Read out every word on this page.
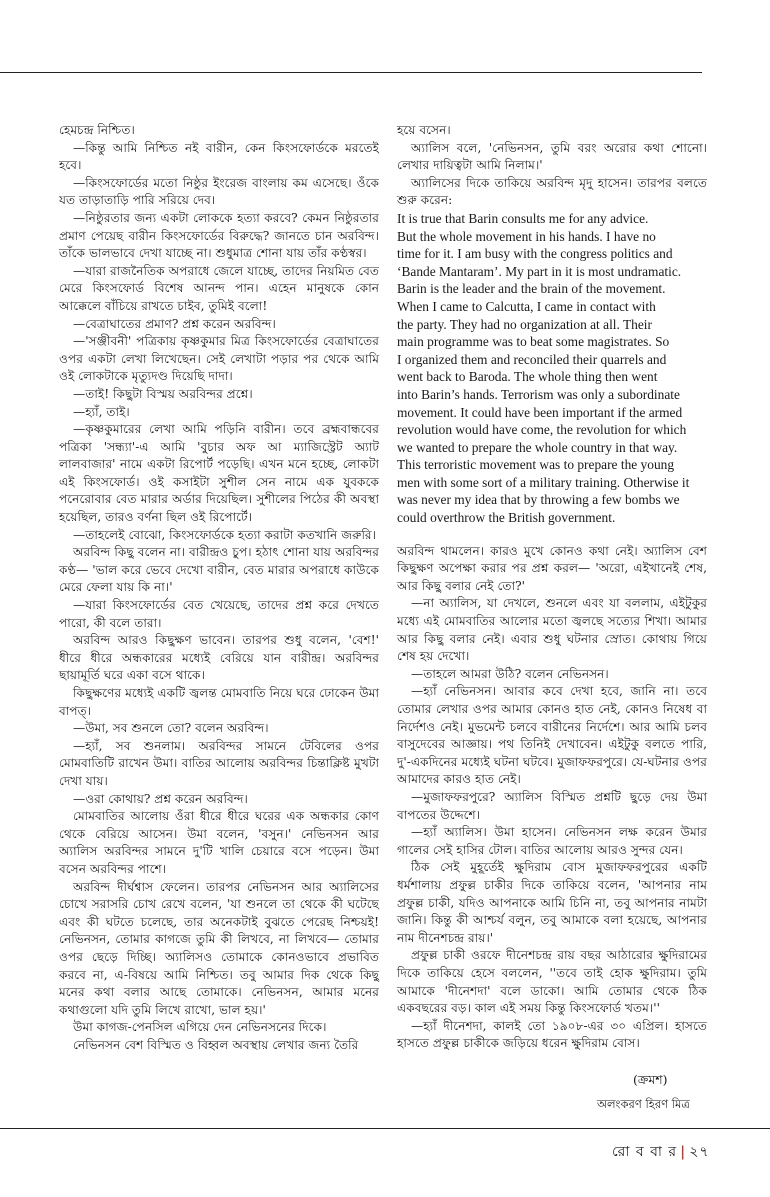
হেমচন্দ্র নিশ্চিত।

—কিন্তু আমি নিশ্চিত নই বারীন, কেন কিংসফোর্ডকে মরতেই হবে।

—কিংসফোর্ডের মতো নিষ্ঠুর ইংরেজ বাংলায় কম এসেছে। ওঁকে যত তাড়াতাড়ি পারি সরিয়ে দেব।

—নিষ্ঠুরতার জন্য একটা লোককে হত্যা করবে? কেমন নিষ্ঠুরতার প্রমাণ পেয়েছ বারীন কিংসফোর্ডের বিরুদ্ধে? জানতে চান অরবিন্দ। তাঁকে ভালভাবে দেখা যাচ্ছে না। শুধুমাত্র শোনা যায় তাঁর কণ্ঠস্বর।

—যারা রাজনৈতিক অপরাধে জেলে যাচ্ছে, তাদের নিয়মিত বেত মেরে কিংসফোর্ড বিশেষ আনন্দ পান। এহেন মানুষকে কোন আক্কেলে বাঁচিয়ে রাখতে চাইব, তুমিই বলো!

—বেত্রাঘাতের প্রমাণ? প্রশ্ন করেন অরবিন্দ।

—'সঞ্জীবনী' পত্রিকায় কৃষ্ণকুমার মিত্র কিংসফোর্ডের বেত্রাঘাতের ওপর একটা লেখা লিখেছেন। সেই লেখাটা পড়ার পর থেকে আমি ওই লোকটাকে মৃত্যুদণ্ড দিয়েছি দাদা।

—তাই! কিছুটা বিস্ময় অরবিন্দর প্রশ্নে।

—হ্যাঁ, তাই।

—কৃষ্ণকুমারের লেখা আমি পড়িনি বারীন। তবে ব্রহ্মবান্ধবের পত্রিকা 'সন্ধ্যা'-এ আমি 'বুচার অফ আ ম্যাজিস্ট্রেট অ্যাট লালবাজার' নামে একটা রিপোর্ট পড়েছি। এখন মনে হচ্ছে, লোকটা এই কিংসফোর্ড। ওই কসাইটা সুশীল সেন নামে এক যুবককে পনেরোবার বেত মারার অর্ডার দিয়েছিল। সুশীলের পিঠের কী অবস্থা হয়েছিল, তারও বর্ণনা ছিল ওই রিপোর্টে।

—তাহলেই বোঝো, কিংসফোর্ডকে হত্যা করাটা কতখানি জরুরি।

অরবিন্দ কিছু বলেন না। বারীন্দ্রও চুপ। হঠাৎ শোনা যায় অরবিন্দর কণ্ঠ— 'ভাল করে ভেবে দেখো বারীন, বেত মারার অপরাধে কাউকে মেরে ফেলা যায় কি না।'

—যারা কিংসফোর্ডের বেত খেয়েছে, তাদের প্রশ্ন করে দেখতে পারো, কী বলে তারা।

অরবিন্দ আরও কিছুক্ষণ ভাবেন। তারপর শুধু বলেন, 'বেশ!' ধীরে ধীরে অন্ধকারের মধ্যেই বেরিয়ে যান বারীন্দ্র। অরবিন্দর ছায়ামূর্তি ঘরে একা বসে থাকে।

কিছুক্ষণের মধ্যেই একটি জ্বলন্ত মোমবাতি নিয়ে ঘরে ঢোকেন উমা বাপত্।

—উমা, সব শুনলে তো? বলেন অরবিন্দ।

—হ্যাঁ, সব শুনলাম। অরবিন্দর সামনে টেবিলের ওপর মোমবাতিটি রাখেন উমা। বাতির আলোয় অরবিন্দর চিন্তাক্লিষ্ট মুখটা দেখা যায়।

—ওরা কোথায়? প্রশ্ন করেন অরবিন্দ।

মোমবাতির আলোয় ওঁরা ধীরে ধীরে ঘরের এক অন্ধকার কোণ থেকে বেরিয়ে আসেন। উমা বলেন, 'বসুন।' নেভিনসন আর অ্যালিস অরবিন্দর সামনে দু'টি খালি চেয়ারে বসে পড়েন। উমা বসেন অরবিন্দর পাশে।

অরবিন্দ দীর্ঘশ্বাস ফেলেন। তারপর নেভিনসন আর অ্যালিসের চোখে সরাসরি চোখ রেখে বলেন, 'যা শুনলে তা থেকে কী ঘটেছে এবং কী ঘটতে চলেছে, তার অনেকটাই বুঝতে পেরেছ নিশ্চয়ই! নেভিনসন, তোমার কাগজে তুমি কী লিখবে, না লিখবে— তোমার ওপর ছেড়ে দিচ্ছি। অ্যালিসও তোমাকে কোনওভাবে প্রভাবিত করবে না, এ-বিষয়ে আমি নিশ্চিত। তবু আমার দিক থেকে কিছু মনের কথা বলার আছে তোমাকে। নেভিনসন, আমার মনের কথাগুলো যদি তুমি লিখে রাখো, ভাল হয়।'

উমা কাগজ-পেনসিল এগিয়ে দেন নেভিনসনের দিকে।

নেভিনসন বেশ বিস্মিত ও বিহ্বল অবস্থায় লেখার জন্য তৈরি

হয়ে বসেন।

অ্যালিস বলে, 'নেভিনসন, তুমি বরং অরোর কথা শোনো। লেখার দায়িত্বটা আমি নিলাম।'

অ্যালিসের দিকে তাকিয়ে অরবিন্দ মৃদু হাসেন। তারপর বলতে শুরু করেন:

It is true that Barin consults me for any advice.
But the whole movement in his hands. I have no
time for it. I am busy with the congress politics and
‘Bande Mantaram’. My part in it is most undramatic.
Barin is the leader and the brain of the movement.
When I came to Calcutta, I came in contact with
the party. They had no organization at all. Their
main programme was to beat some magistrates. So
I organized them and reconciled their quarrels and
went back to Baroda. The whole thing then went
into Barin’s hands. Terrorism was only a subordinate
movement. It could have been important if the armed
revolution would have come, the revolution for which
we wanted to prepare the whole country in that way.
This terroristic movement was to prepare the young
men with some sort of a military training. Otherwise it
was never my idea that by throwing a few bombs we
could overthrow the British government.

অরবিন্দ থামলেন। কারও মুখে কোনও কথা নেই। অ্যালিস বেশ কিছুক্ষণ অপেক্ষা করার পর প্রশ্ন করল— 'অরো, এইখানেই শেষ, আর কিছু বলার নেই তো?'

—না অ্যালিস, যা দেখলে, শুনলে এবং যা বললাম, এইটুকুর মধ্যে এই মোমবাতির আলোর মতো জ্বলছে সত্যের শিখা। আমার আর কিছু বলার নেই। এবার শুধু ঘটনার স্রোত। কোথায় গিয়ে শেষ হয় দেখো।

—তাহলে আমরা উঠি? বলেন নেভিনসন।

—হ্যাঁ নেভিনসন। আবার কবে দেখা হবে, জানি না। তবে তোমার লেখার ওপর আমার কোনও হাত নেই, কোনও নিষেধ বা নির্দেশও নেই। মুভমেন্ট চলবে বারীনের নির্দেশে। আর আমি চলব বাসুদেবের আজ্ঞায়। পথ তিনিই দেখাবেন। এইটুকু বলতে পারি, দু'-একদিনের মধ্যেই ঘটনা ঘটবে। মুজাফফরপুরে। যে-ঘটনার ওপর আমাদের কারও হাত নেই।

—মুজাফফরপুরে? অ্যালিস বিস্মিত প্রশ্নটি ছুড়ে দেয় উমা বাপতের উদ্দেশে।

—হ্যাঁ অ্যালিস। উমা হাসেন। নেভিনসন লক্ষ করেন উমার গালের সেই হাসির টোল। বাতির আলোয় আরও সুন্দর যেন।

ঠিক সেই মুহূর্তেই ক্ষুদিরাম বোস মুজাফফরপুরের একটি ধর্মশালায় প্রফুল্ল চাকীর দিকে তাকিয়ে বলেন, 'আপনার নাম প্রফুল্ল চাকী, যদিও আপনাকে আমি চিনি না, তবু আপনার নামটা জানি। কিন্তু কী আশ্চর্য বলুন, তবু আমাকে বলা হয়েছে, আপনার নাম দীনেশচন্দ্র রায়।'

প্রফুল্ল চাকী ওরফে দীনেশচন্দ্র রায় বছর আঠারোর ক্ষুদিরামের দিকে তাকিয়ে হেসে বললেন, ''তবে তাই হোক ক্ষুদিরাম। তুমি আমাকে 'দীনেশদা' বলে ডাকো। আমি তোমার থেকে ঠিক একবছরের বড়। কাল এই সময় কিন্তু কিংসফোর্ড খতম।''

—হ্যাঁ দীনেশদা, কালই তো ১৯০৮-এর ৩০ এপ্রিল। হাসতে হাসতে প্রফুল্ল চাকীকে জড়িয়ে ধরেন ক্ষুদিরাম বোস।

(ক্রমশ)
অলংকরণ হিরণ মিত্র
রো ব বা র | ২৭
